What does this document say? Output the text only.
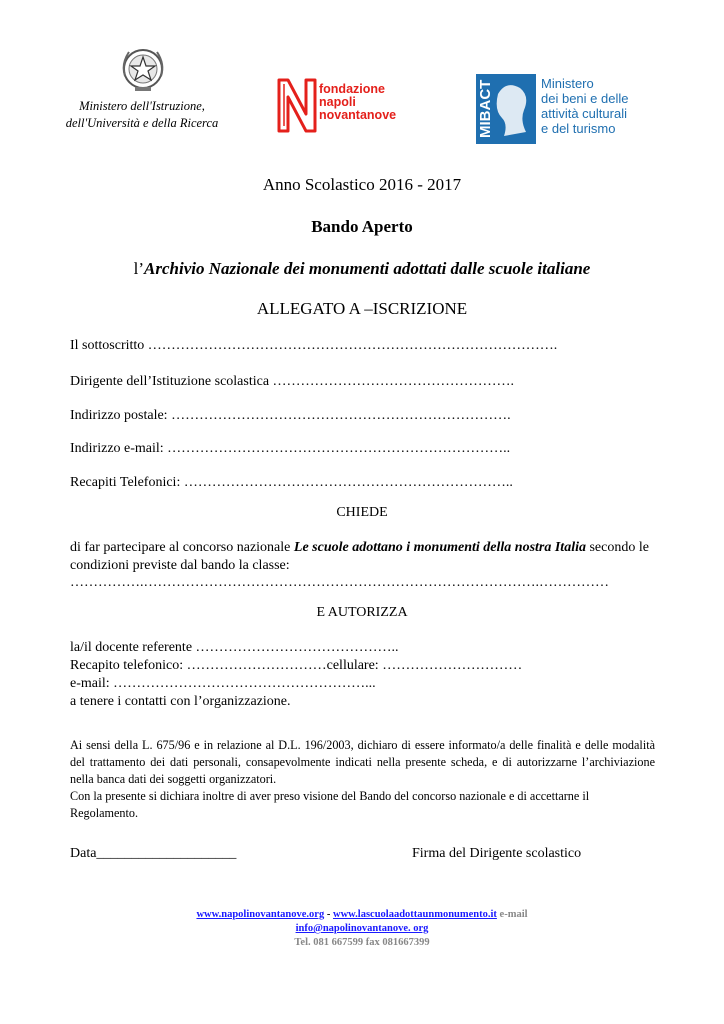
Ministero dell'Istruzione,
dell'Università e della Ricerca
fondazione
napoli
novantanove	MIBACT	Ministero
dei beni e delle
attività culturali
e del turismo
Anno Scolastico 2016 - 2017
Bando Aperto
l’Archivio Nazionale dei monumenti adottati dalle scuole italiane
ALLEGATO A –ISCRIZIONE
Il sottoscritto …………………………………………………………………………….
Dirigente dell’Istituzione scolastica …………………………………………….
Indirizzo postale: ……………………………………………………………….
Indirizzo e-mail: ………………………………………………………………..
Recapiti Telefonici: ……………………………………………………………..
CHIEDE
di far partecipare al concorso nazionale Le scuole adottano i monumenti della nostra Italia secondo le condizioni previste dal bando la classe:
…………….………………………………………………………………………….……………
E AUTORIZZA
la/il docente referente ……………………………………..
Recapito telefonico: …………………………cellulare: …………………………
e-mail: ………………………………………………...
a tenere i contatti con l’organizzazione.
Ai sensi della L. 675/96 e in relazione al D.L. 196/2003, dichiaro di essere informato/a delle finalità e delle modalità del trattamento dei dati personali, consapevolmente indicati nella presente scheda, e di autorizzarne l’archiviazione nella banca dati dei soggetti organizzatori.
Con la presente si dichiara inoltre di aver preso visione del Bando del concorso nazionale e di accettarne il Regolamento.
Data____________________	Firma del Dirigente scolastico
www.napolinovantanove.org - www.lascuolaadottaunmonumento.it e-mail
info@napolinovantanove. org
Tel. 081 667599 fax 081667399
